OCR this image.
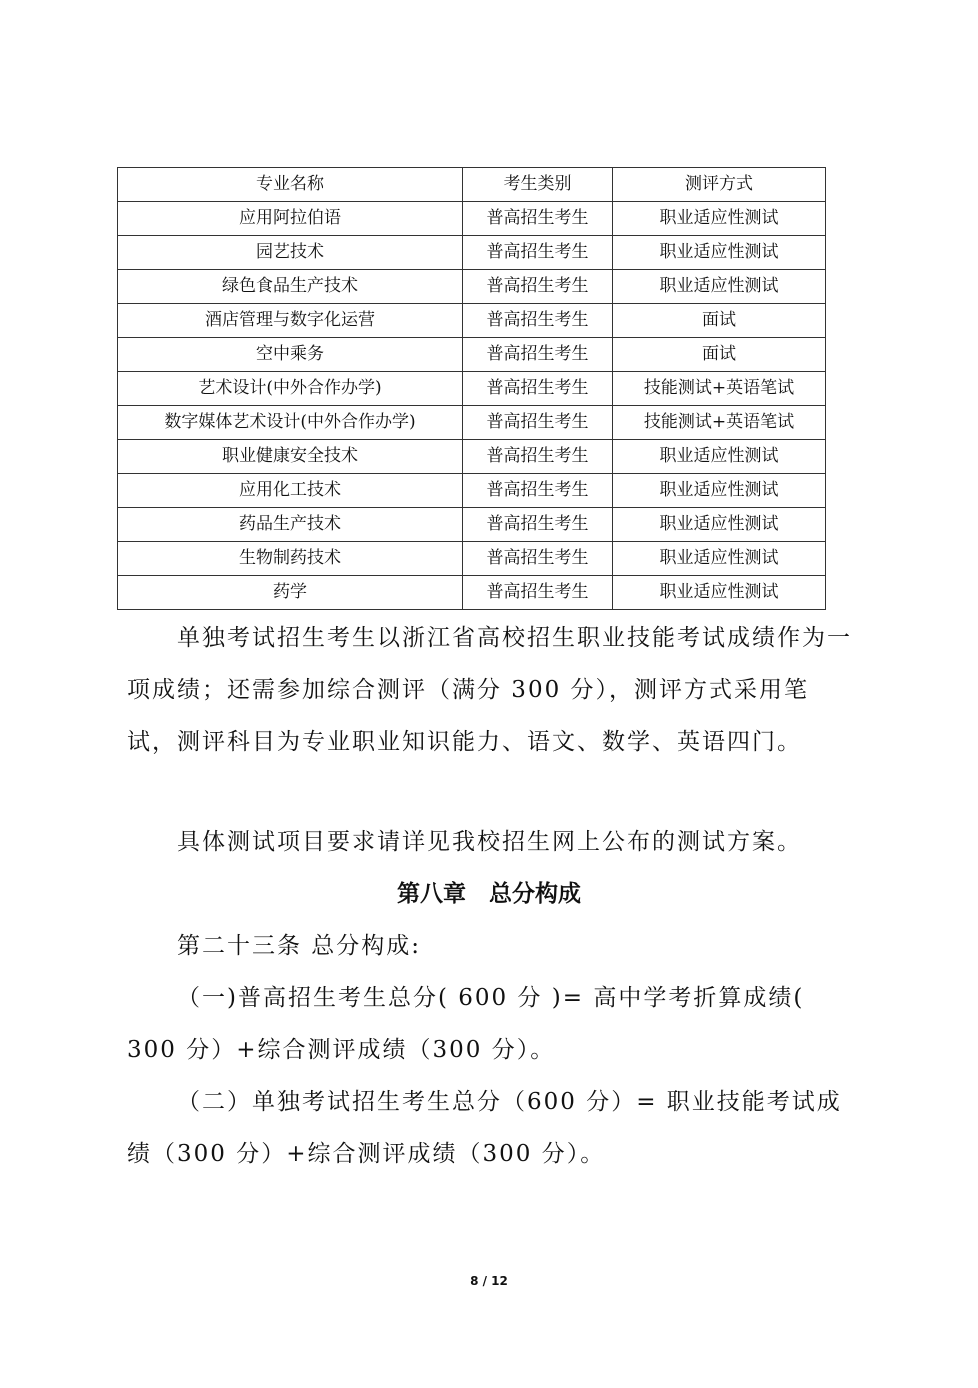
专业名称	考生类别	测评方式
应用阿拉伯语	普高招生考生	职业适应性测试
园艺技术	普高招生考生	职业适应性测试
绿色食品生产技术	普高招生考生	职业适应性测试
酒店管理与数字化运营	普高招生考生	面试
空中乘务	普高招生考生	面试
艺术设计(中外合作办学)	普高招生考生	技能测试+英语笔试
数字媒体艺术设计(中外合作办学)	普高招生考生	技能测试+英语笔试
职业健康安全技术	普高招生考生	职业适应性测试
应用化工技术	普高招生考生	职业适应性测试
药品生产技术	普高招生考生	职业适应性测试
生物制药技术	普高招生考生	职业适应性测试
药学	普高招生考生	职业适应性测试

单独考试招生考生以浙江省高校招生职业技能考试成绩作为一项成绩；还需参加综合测评（满分 300 分），测评方式采用笔试，测评科目为专业职业知识能力、语文、数学、英语四门。

具体测试项目要求请详见我校招生网上公布的测试方案。

第八章　总分构成

第二十三条 总分构成:

（一)普高招生考生总分( 600 分 )= 高中学考折算成绩( 300 分）+综合测评成绩（300 分）。

（二）单独考试招生考生总分（600 分）= 职业技能考试成绩（300 分）+综合测评成绩（300 分）。

8 / 12
